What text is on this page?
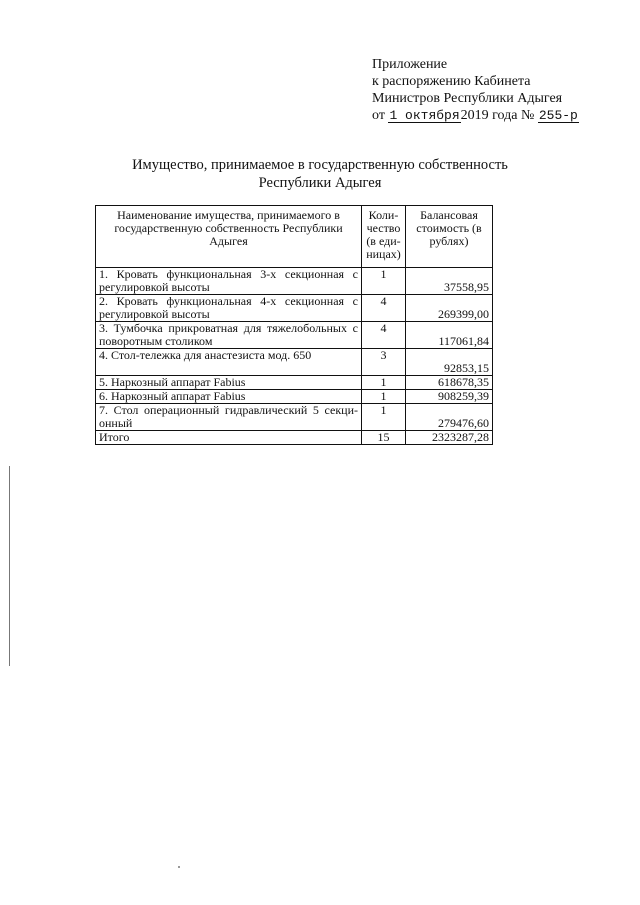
Приложение
к распоряжению Кабинета
Министров Республики Адыгея
от 1 октября2019 года № 255-р
Имущество, принимаемое в государственную собственность
Республики Адыгея
Наименование имущества, принимаемого в государственную собственность Республики Адыгея	Коли-чество (в еди-ницах)	Балансовая стоимость (в рублях)
1. Кровать функциональная 3-х секционная с регулировкой высоты	1	37558,95
2. Кровать функциональная 4-х секционная с регулировкой высоты	4	269399,00
3. Тумбочка прикроватная для тяжелобольных с поворотным столиком	4	117061,84
4. Стол-тележка для анастезиста мод. 650	3	92853,15
5. Наркозный аппарат Fabius	1	618678,35
6. Наркозный аппарат Fabius	1	908259,39
7. Стол операционный гидравлический 5 секци-онный	1	279476,60
Итого	15	2323287,28
